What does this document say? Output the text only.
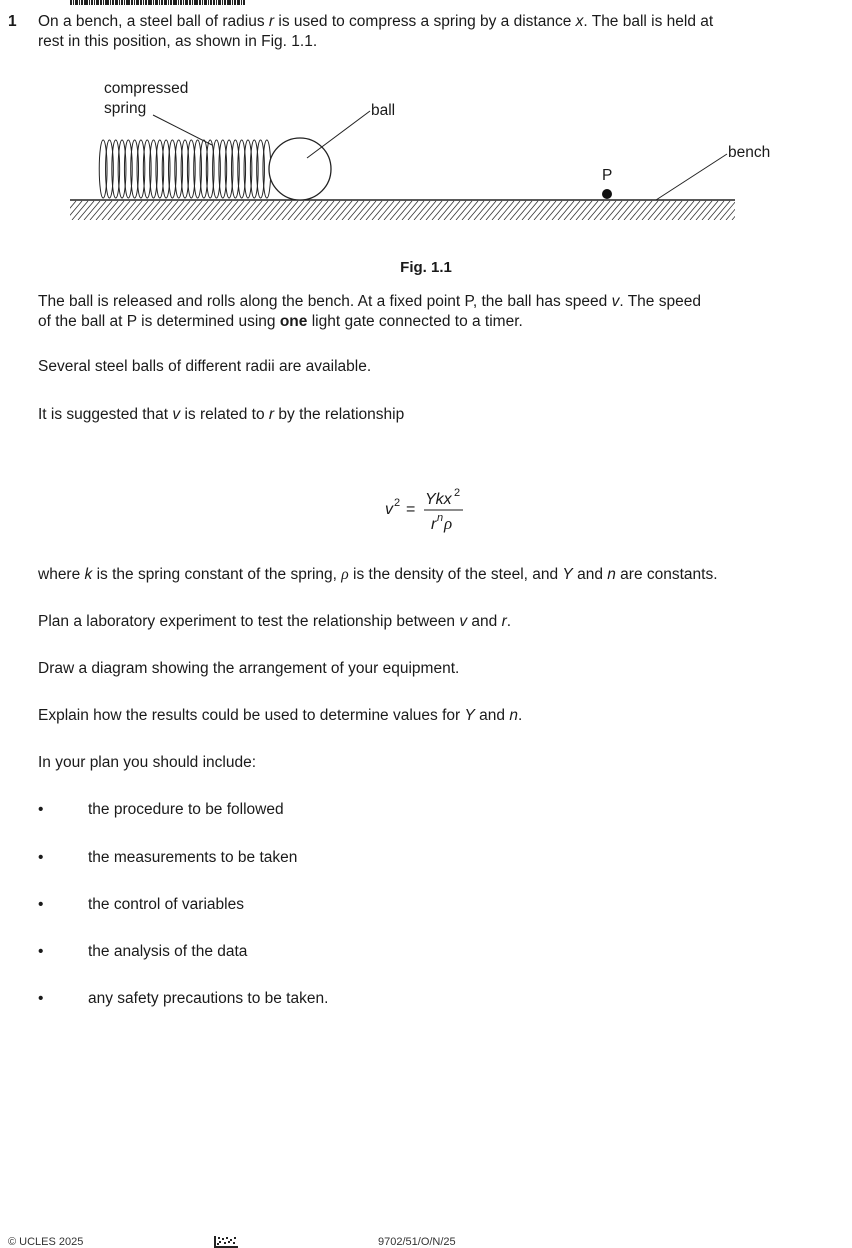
1 On a bench, a steel ball of radius r is used to compress a spring by a distance x. The ball is held at
rest in this position, as shown in Fig. 1.1.
compressed
spring	ball
bench
P
Fig. 1.1
The ball is released and rolls along the bench. At a fixed point P, the ball has speed v. The speed
of the ball at P is determined using one light gate connected to a timer.
Several steel balls of different radii are available.
It is suggested that v is related to r by the relationship
v 2 =
Ykx 2
r n ρ
where k is the spring constant of the spring, ρ is the density of the steel, and Y and n are constants.
Plan a laboratory experiment to test the relationship between v and r.
Draw a diagram showing the arrangement of your equipment.
Explain how the results could be used to determine values for Y and n.
In your plan you should include:
•	the procedure to be followed
•	the measurements to be taken
•	the control of variables
•	the analysis of the data
•	any safety precautions to be taken.
© UCLES 2025	9702/51/O/N/25
